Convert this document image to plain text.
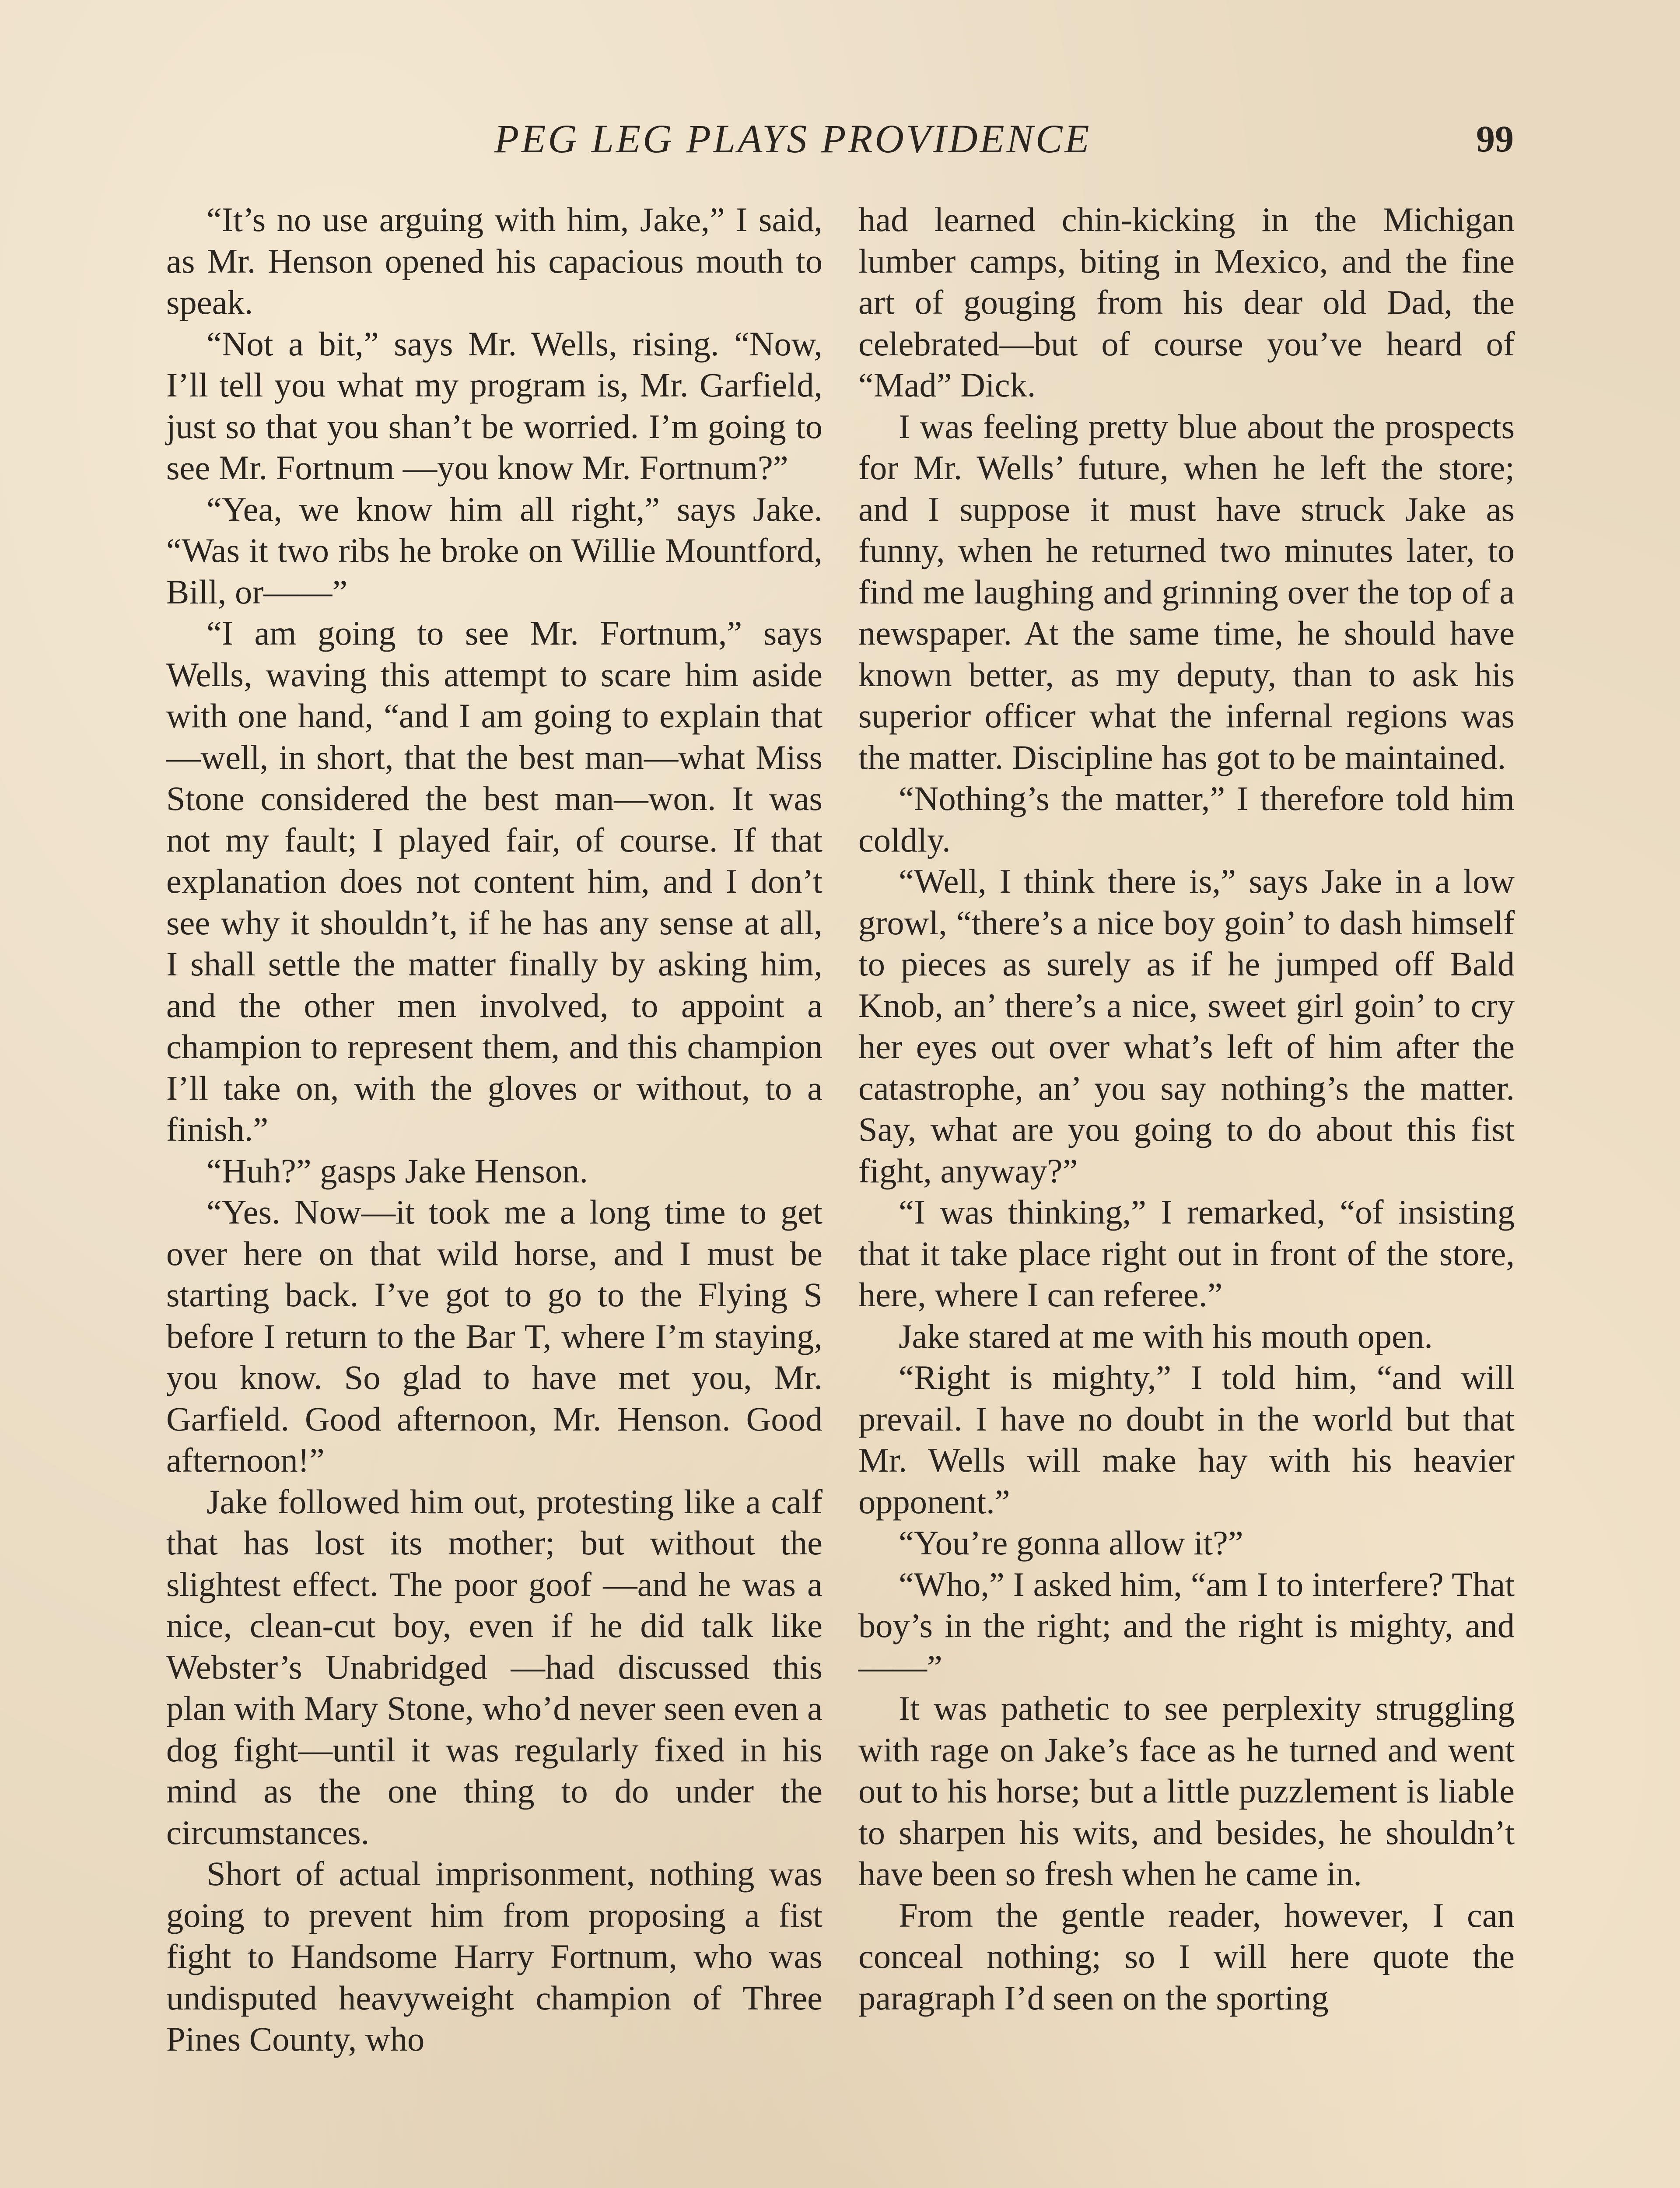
PEG LEG PLAYS PROVIDENCE	99

“It’s no use arguing with him, Jake,” I said, as Mr. Henson opened his capacious mouth to speak.

“Not a bit,” says Mr. Wells, rising. “Now, I’ll tell you what my program is, Mr. Garfield, just so that you shan’t be worried. I’m going to see Mr. Fortnum —you know Mr. Fortnum?”

“Yea, we know him all right,” says Jake. “Was it two ribs he broke on Willie Mountford, Bill, or——”

“I am going to see Mr. Fortnum,” says Wells, waving this attempt to scare him aside with one hand, “and I am going to explain that—well, in short, that the best man—what Miss Stone considered the best man—won. It was not my fault; I played fair, of course. If that explanation does not content him, and I don’t see why it shouldn’t, if he has any sense at all, I shall settle the matter finally by asking him, and the other men involved, to appoint a champion to represent them, and this champion I’ll take on, with the gloves or without, to a finish.”

“Huh?” gasps Jake Henson.

“Yes. Now—it took me a long time to get over here on that wild horse, and I must be starting back. I’ve got to go to the Flying S before I return to the Bar T, where I’m staying, you know. So glad to have met you, Mr. Garfield. Good afternoon, Mr. Henson. Good afternoon!”

Jake followed him out, protesting like a calf that has lost its mother; but without the slightest effect. The poor goof —and he was a nice, clean-cut boy, even if he did talk like Webster’s Unabridged —had discussed this plan with Mary Stone, who’d never seen even a dog fight—until it was regularly fixed in his mind as the one thing to do under the circumstances.

Short of actual imprisonment, nothing was going to prevent him from proposing a fist fight to Handsome Harry Fortnum, who was undisputed heavyweight champion of Three Pines County, who

had learned chin-kicking in the Michigan lumber camps, biting in Mexico, and the fine art of gouging from his dear old Dad, the celebrated—but of course you’ve heard of “Mad” Dick.

I was feeling pretty blue about the prospects for Mr. Wells’ future, when he left the store; and I suppose it must have struck Jake as funny, when he returned two minutes later, to find me laughing and grinning over the top of a newspaper. At the same time, he should have known better, as my deputy, than to ask his superior officer what the infernal regions was the matter. Discipline has got to be maintained.

“Nothing’s the matter,” I therefore told him coldly.

“Well, I think there is,” says Jake in a low growl, “there’s a nice boy goin’ to dash himself to pieces as surely as if he jumped off Bald Knob, an’ there’s a nice, sweet girl goin’ to cry her eyes out over what’s left of him after the catastrophe, an’ you say nothing’s the matter. Say, what are you going to do about this fist fight, anyway?”

“I was thinking,” I remarked, “of insisting that it take place right out in front of the store, here, where I can referee.”

Jake stared at me with his mouth open.

“Right is mighty,” I told him, “and will prevail. I have no doubt in the world but that Mr. Wells will make hay with his heavier opponent.”

“You’re gonna allow it?”

“Who,” I asked him, “am I to interfere? That boy’s in the right; and the right is mighty, and——”

It was pathetic to see perplexity struggling with rage on Jake’s face as he turned and went out to his horse; but a little puzzlement is liable to sharpen his wits, and besides, he shouldn’t have been so fresh when he came in.

From the gentle reader, however, I can conceal nothing; so I will here quote the paragraph I’d seen on the sporting
